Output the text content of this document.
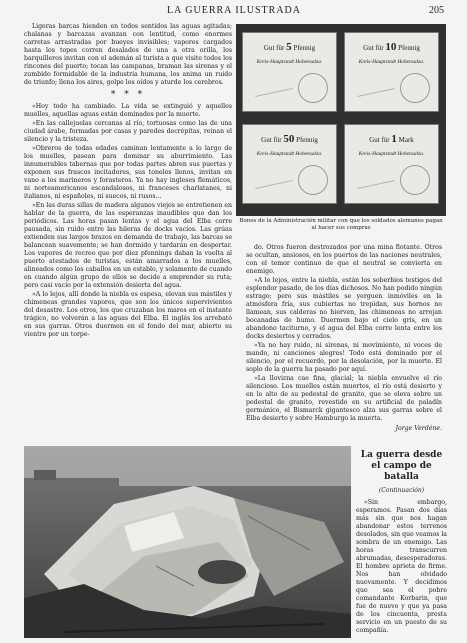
LA GUERRA ILUSTRADA	205

Ligeras barcas hienden en todos sentidos las aguas agitadas; chalanas y barcazas avanzan con lentitud, como enormes carretas arrastradas por bueyes invisibles; vapores cargados hasta los topes corren desalados de una a otra orilla, los barquilleros invitan con el ademán al turista a que visite todos los rincones del puerto; tocan las campanas, braman las sirenas y el zumbido formidable de la industria humana, los anima un ruido de triunfo; llena los aires, golpe los oídos y aturde los cerebros.

* * *

«Hoy todo ha cambiado. La vida se extinguió y aquellos muelles, aquellas aguas están dominados por la muerte.

»En las callejuelas cercanas al río, tortuosas como las de una ciudad árabe, formadas por casas y paredes decrépitas, reinan el silencio y la tristeza.

»Obreros de todas edades caminan lentamente a lo largo de los muelles, pasean para dominar su aburrimiento. Las innumerables tabernas que por todas partes abren sus puertas y exponen sus frascos incitadores, sus toneles llenos, invitan en vano a los marineros y forasteros. Ya no hay ingleses flemáticos, ni norteamericanos escandalosos, ni franceses charlatanes, ni italianos, ni españoles, ni suecos, ni rusos...

»En las duras sillas de madera algunos viejos se entretienen en hablar de la guerra, de las esperanzas inaudibles que dan los periódicos. Las horas pasan lentas y el agua del Elba corre pausada, sin ruido entre las hileras de docks vacíos. Las grúas extienden sus largos brazos en demanda de trabajo, las barcas se balancean suavemente; se han dormido y tardarán en despertar. Los vapores de recreo que por diez pfennings daban la vuelta al puerto atestados de turistas, están amarrados a los muelles, alineados como los caballos en un establo, y solamente de cuando en cuando algún grupo de ellos se decide a emprender su ruta; pero casi vacío por la extensión desierta del agua.

»A lo lejos, allí donde la niebla es espesa, elevan sus mástiles y chimeneas grandes vapores, que son los únicos supervivientes del desastre. Los otros, los que cruzaban los mares en el instante trágico, no volverán a las aguas del Elba. El inglés los arrebató en sus garras. Otros duermen en el fondo del mar, abierto su vientre por un torpe-

Gut für 5 Pfennig
Kreis-Hauptstadt Hohensalza.
Gut für 10 Pfennig
Kreis-Hauptstadt Hohensalza.
Gut für 50 Pfennig
Kreis-Hauptstadt Hohensalza.
Gut für 1 Mark
Kreis-Hauptstadt Hohensalza.
Bonos de la Administración militar con que los soldados alemanes pagan al hacer sus compras

do. Otros fueron destrozados por una mina flotante. Otros se ocultan, ansiosos, en los puertos de las naciones neutrales, con el temor continuo de que el neutral se convierta en enemigo.

»A lo lejos, entre la niebla, están los soberbios testigos del esplendor pasado, de los días dichosos. No han podido ningún estrago; pero sus mástiles se yerguen inmóviles en la atmósfera fría, sus cubiertas no trepidan, sus hornos no llamean, sus calderas no hierven, las chimeneas no arrojan bocanadas de humo. Duermen bajo el cielo gris, en un abandono taciturno, y el agua del Elba corre lenta entre los docks desiertos y cerrados.

»Ya no hay ruido, ni sirenas, ni movimiento, ni voces de mando, ni canciones alegres! Todo está dominado por el silencio, por el recuerdo, por la desolación, por la muerte. El soplo de la guerra ha pasado por aquí.

»La llovizna cae fina, glacial; la niebla envuelve el río silencioso. Los muelles están muertos, el río está desierto y en lo alto de su pedestal de granito, que se eleva sobre un pedestal de granito, revestido en su artificial de paladín germánico, el Bismarck gigantesco alza sus garras sobre el Elba desierto y sobre Hamburgo la muerta.

Jorge Verdéne.
La guerra desde el campo de batalla
(Continuación)

«Sin embargo, esperamos. Pasan dos días más sin que nos hagan abandonar estos terrenos desolados, sin que veamos la sombra de un enemigo. Las horas transcurren abrumadas, desesperadoras. El hombre aprieta de firme. Nos han olvidado nuevamente. Y decidimos que sea el pobre comandante Korbarin, que fue de nuevo y que ya pasa de los cincuenta, presta servicio en un puesto de su compañía.
